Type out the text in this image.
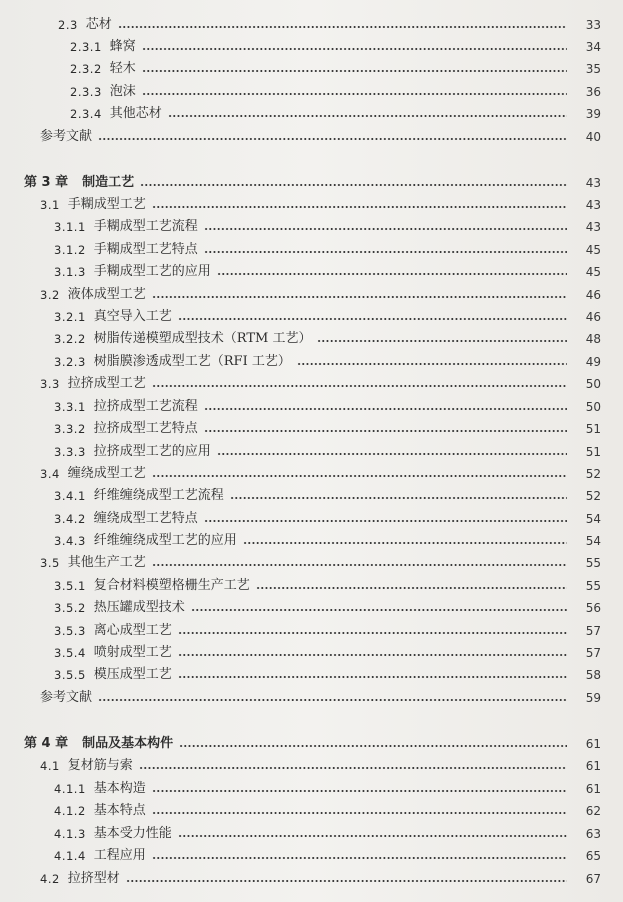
2.3 芯材	33
2.3.1 蜂窝	34
2.3.2 轻木	35
2.3.3 泡沫	36
2.3.4 其他芯材	39
参考文献	40
第 3 章 制造工艺	43
3.1 手糊成型工艺	43
3.1.1 手糊成型工艺流程	43
3.1.2 手糊成型工艺特点	45
3.1.3 手糊成型工艺的应用	45
3.2 液体成型工艺	46
3.2.1 真空导入工艺	46
3.2.2 树脂传递模塑成型技术（RTM 工艺）	48
3.2.3 树脂膜渗透成型工艺（RFI 工艺）	49
3.3 拉挤成型工艺	50
3.3.1 拉挤成型工艺流程	50
3.3.2 拉挤成型工艺特点	51
3.3.3 拉挤成型工艺的应用	51
3.4 缠绕成型工艺	52
3.4.1 纤维缠绕成型工艺流程	52
3.4.2 缠绕成型工艺特点	54
3.4.3 纤维缠绕成型工艺的应用	54
3.5 其他生产工艺	55
3.5.1 复合材料模塑格栅生产工艺	55
3.5.2 热压罐成型技术	56
3.5.3 离心成型工艺	57
3.5.4 喷射成型工艺	57
3.5.5 模压成型工艺	58
参考文献	59
第 4 章 制品及基本构件	61
4.1 复材筋与索	61
4.1.1 基本构造	61
4.1.2 基本特点	62
4.1.3 基本受力性能	63
4.1.4 工程应用	65
4.2 拉挤型材	67
